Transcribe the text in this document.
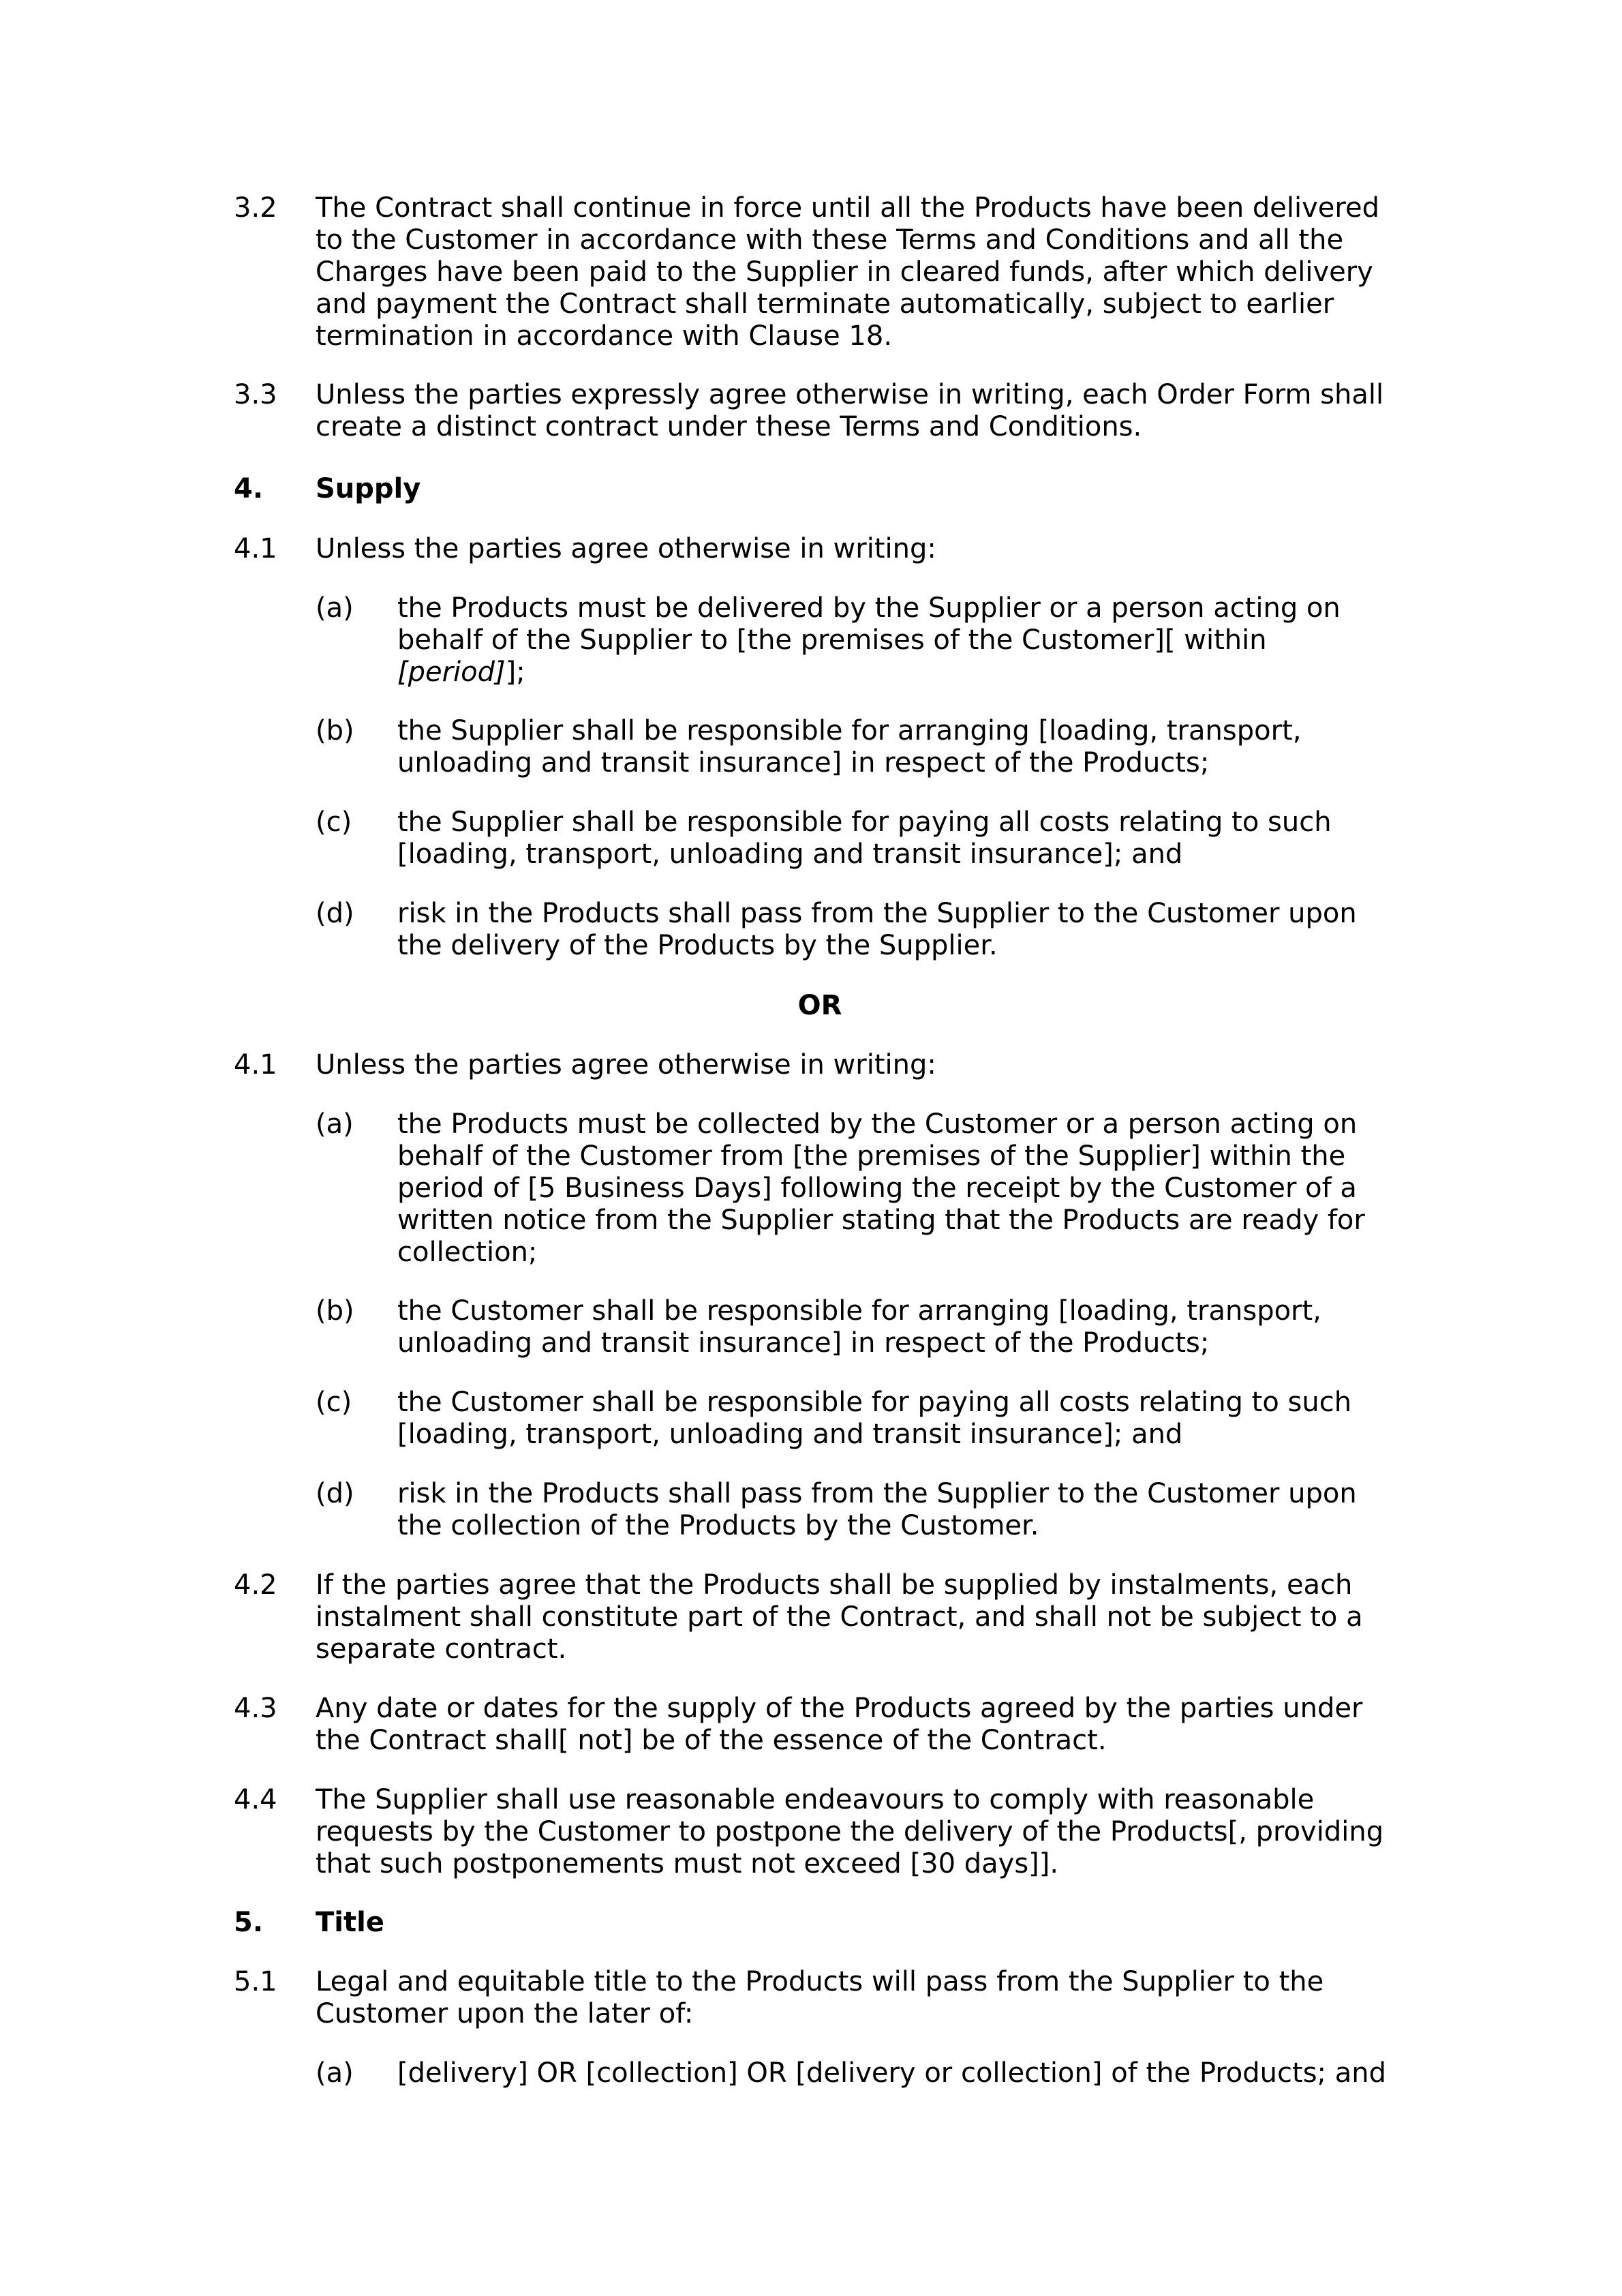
3.2 The Contract shall continue in force until all the Products have been delivered
to the Customer in accordance with these Terms and Conditions and all the
Charges have been paid to the Supplier in cleared funds, after which delivery
and payment the Contract shall terminate automatically, subject to earlier
termination in accordance with Clause 18.
3.3 Unless the parties expressly agree otherwise in writing, each Order Form shall
create a distinct contract under these Terms and Conditions.
4. Supply
4.1 Unless the parties agree otherwise in writing:
(a) the Products must be delivered by the Supplier or a person acting on
behalf of the Supplier to [the premises of the Customer][ within
[period]];
(b) the Supplier shall be responsible for arranging [loading, transport,
unloading and transit insurance] in respect of the Products;
(c) the Supplier shall be responsible for paying all costs relating to such
[loading, transport, unloading and transit insurance]; and
(d) risk in the Products shall pass from the Supplier to the Customer upon
the delivery of the Products by the Supplier.
OR
4.1 Unless the parties agree otherwise in writing:
(a) the Products must be collected by the Customer or a person acting on
behalf of the Customer from [the premises of the Supplier] within the
period of [5 Business Days] following the receipt by the Customer of a
written notice from the Supplier stating that the Products are ready for
collection;
(b) the Customer shall be responsible for arranging [loading, transport,
unloading and transit insurance] in respect of the Products;
(c) the Customer shall be responsible for paying all costs relating to such
[loading, transport, unloading and transit insurance]; and
(d) risk in the Products shall pass from the Supplier to the Customer upon
the collection of the Products by the Customer.
4.2 If the parties agree that the Products shall be supplied by instalments, each
instalment shall constitute part of the Contract, and shall not be subject to a
separate contract.
4.3 Any date or dates for the supply of the Products agreed by the parties under
the Contract shall[ not] be of the essence of the Contract.
4.4 The Supplier shall use reasonable endeavours to comply with reasonable
requests by the Customer to postpone the delivery of the Products[, providing
that such postponements must not exceed [30 days]].
5. Title
5.1 Legal and equitable title to the Products will pass from the Supplier to the
Customer upon the later of:
(a) [delivery] OR [collection] OR [delivery or collection] of the Products; and
